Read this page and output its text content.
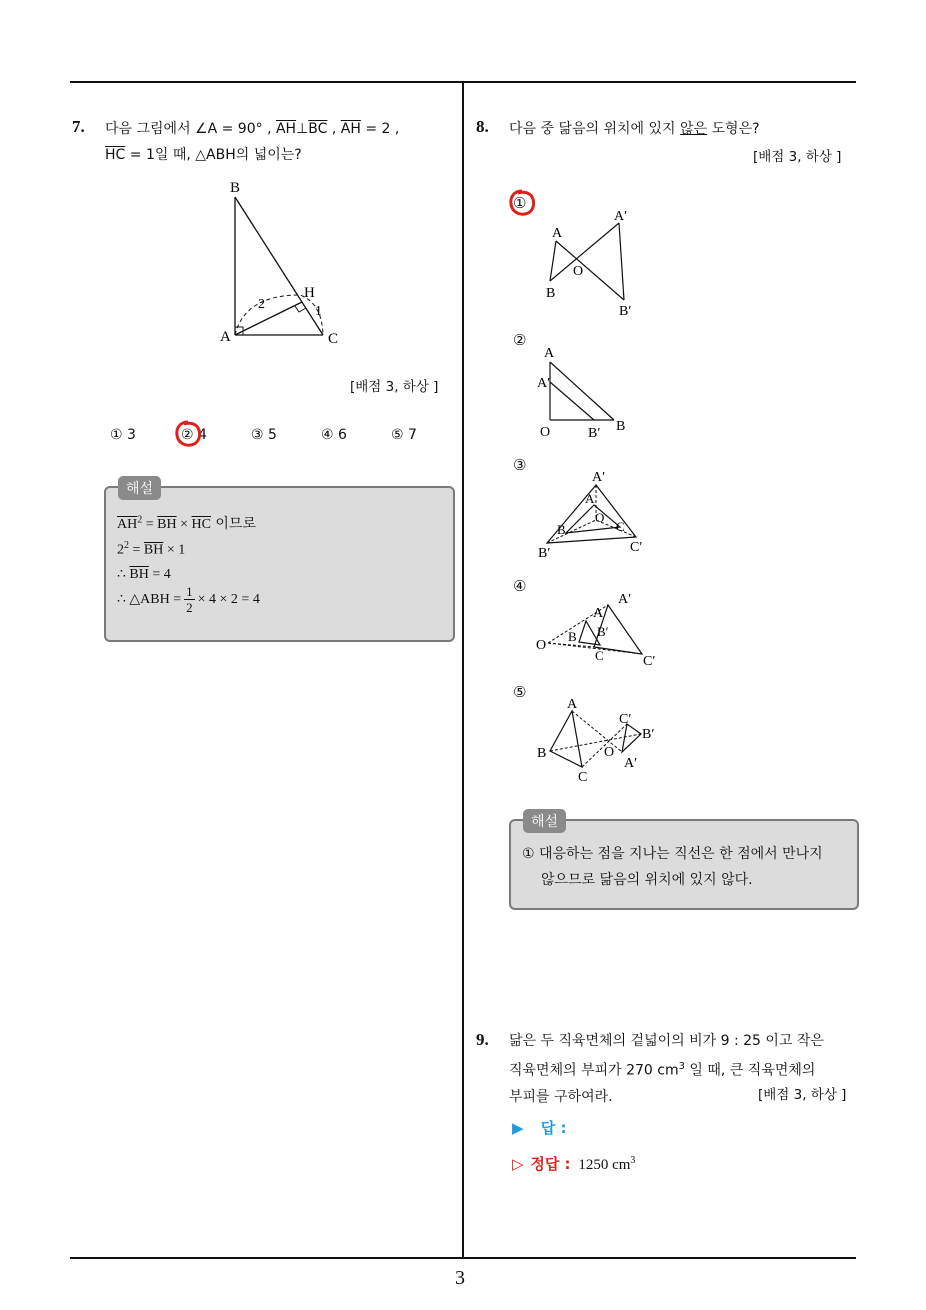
3
7. 다음 그림에서 ∠A = 90° , $\overline{AH}\perp\overline{BC}$ , $\overline{AH} = 2$ ,
$\overline{HC} = 1$일 때, △ABH의 넓이는?
B
H
A	C
2	1
[배점 3, 하상 ]
① 3	② 4	③ 5	④ 6	⑤ 7
해설
$\overline{AH}^2 = \overline{BH} \times \overline{HC}$ 이므로
$2^2 = \overline{BH} \times 1$
∴ $\overline{BH} = 4$
∴ △ABH = $\frac{1}{2} \times 4 \times 2 = 4$
8. 다음 중 닮음의 위치에 있지 않은 도형은?
[배점 3, 하상 ]
①
A
A′
O
B
B′
②
A
A′
O	B′ B
③
A′
A
O
B	C
B′	C′
④
O
A
A′
B B′
C	C′
⑤
A
B
C
O
C′
B′
A′
해설
① 대응하는 점을 지나는 직선은 한 점에서 만나지
않으므로 닮음의 위치에 있지 않다.
9. 닮은 두 직육면체의 겉넓이의 비가 9 : 25 이고 작은
직육면체의 부피가 270 $cm^3$ 일 때, 큰 직육면체의
부피를 구하여라.	[배점 3, 하상 ]
▶ 답 :
▷ 정답 : 1250 $cm^3$
